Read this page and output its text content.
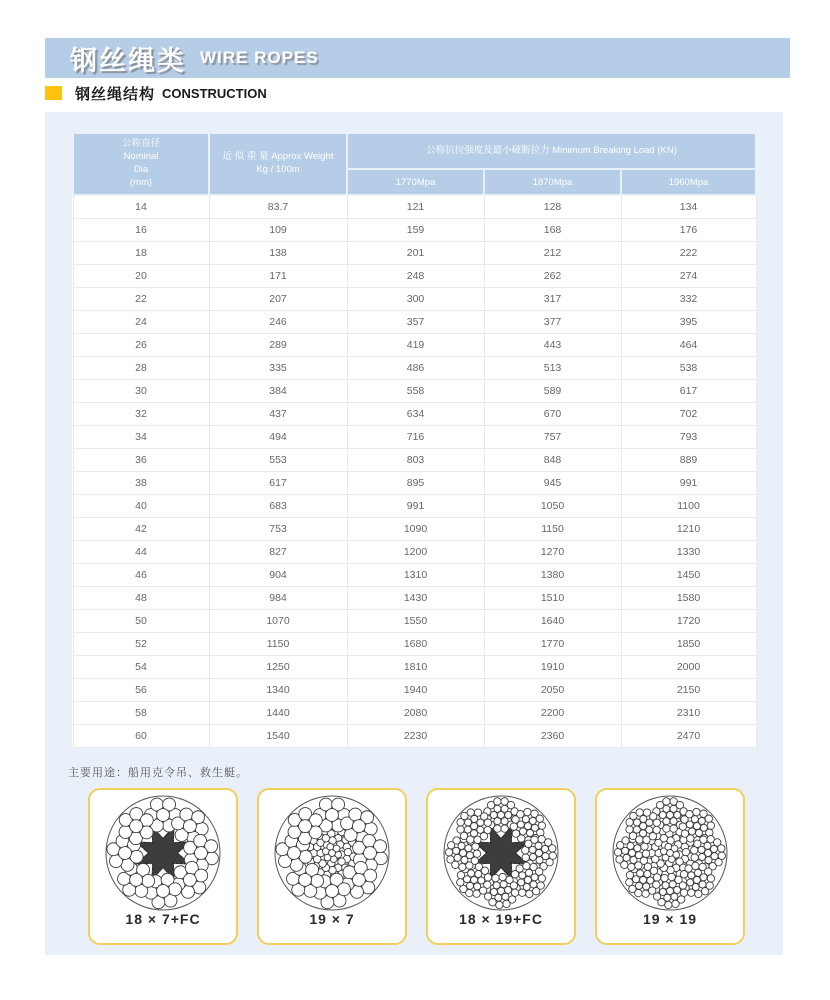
钢丝绳类 WIRE ROPES
钢丝绳结构 CONSTRUCTION
公称直径
Nominal
Dia
(mm)	近 似 重 量 Approx Weight
Kg / 100m	公称抗拉强度及最小破断拉力 Minimum Breaking Load (KN)		
		1770Mpa	1870Mpa	1960Mpa
14	83.7	121	128	134
16	109	159	168	176
18	138	201	212	222
20	171	248	262	274
22	207	300	317	332
24	246	357	377	395
26	289	419	443	464
28	335	486	513	538
30	384	558	589	617
32	437	634	670	702
34	494	716	757	793
36	553	803	848	889
38	617	895	945	991
40	683	991	1050	1100
42	753	1090	1150	1210
44	827	1200	1270	1330
46	904	1310	1380	1450
48	984	1430	1510	1580
50	1070	1550	1640	1720
52	1150	1680	1770	1850
54	1250	1810	1910	2000
56	1340	1940	2050	2150
58	1440	2080	2200	2310
60	1540	2230	2360	2470
主要用途：船用克令吊、救生艇。
18 × 7+FC	19 × 7	18 × 19+FC	19 × 19
